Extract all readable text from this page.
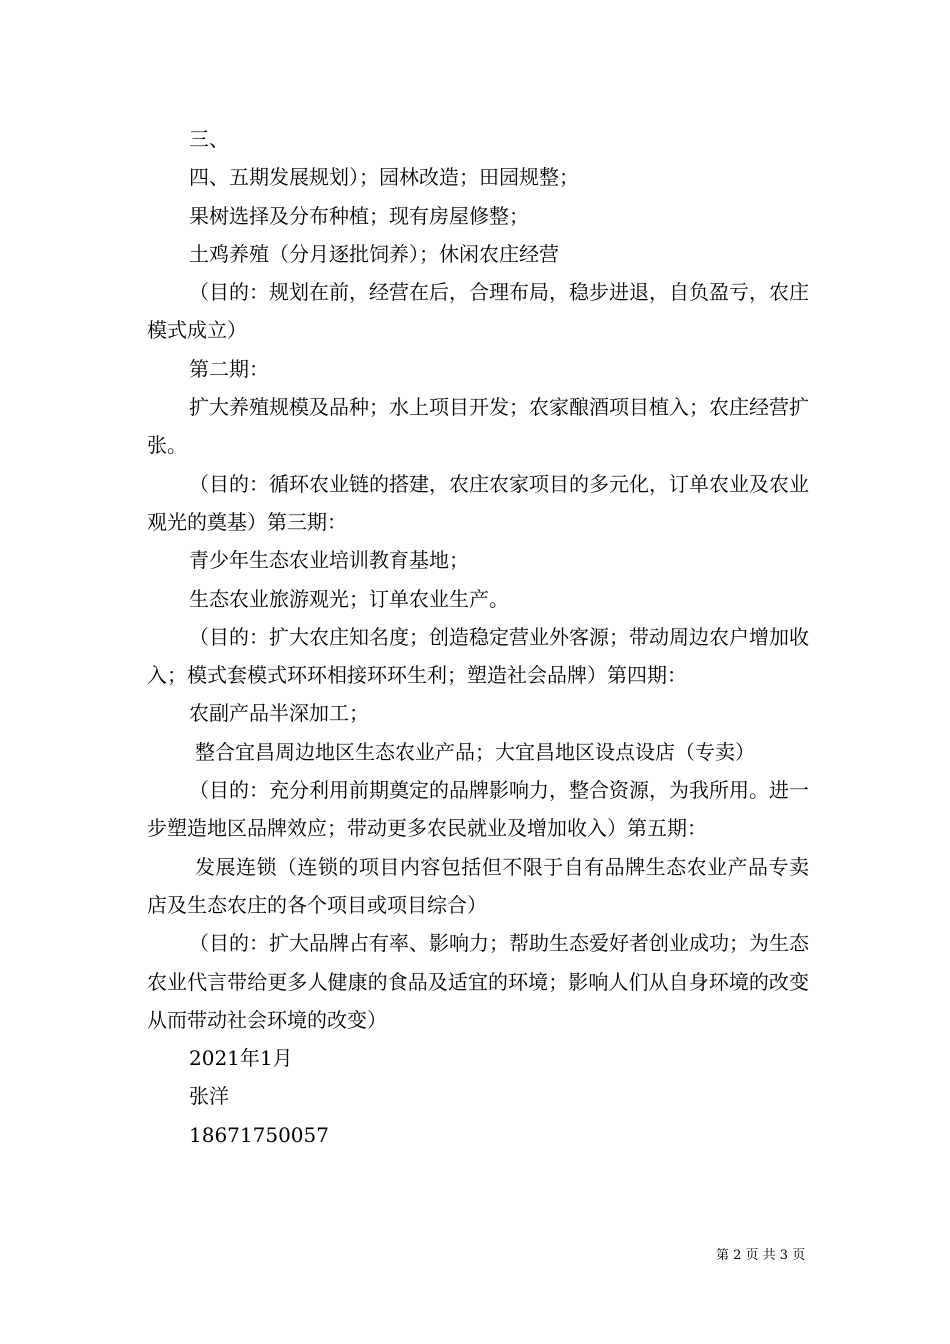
三、

四、五期发展规划）；园林改造；田园规整；

果树选择及分布种植；现有房屋修整；

土鸡养殖（分月逐批饲养）；休闲农庄经营

（目的：规划在前，经营在后，合理布局，稳步进退，自负盈亏，农庄模式成立）

第二期：

扩大养殖规模及品种；水上项目开发；农家酿酒项目植入；农庄经营扩张。

（目的：循环农业链的搭建，农庄农家项目的多元化，订单农业及农业观光的奠基）第三期：

青少年生态农业培训教育基地；

生态农业旅游观光；订单农业生产。

（目的：扩大农庄知名度；创造稳定营业外客源；带动周边农户增加收入；模式套模式环环相接环环生利；塑造社会品牌）第四期：

农副产品半深加工；

整合宜昌周边地区生态农业产品；大宜昌地区设点设店（专卖）

（目的：充分利用前期奠定的品牌影响力，整合资源，为我所用。进一步塑造地区品牌效应；带动更多农民就业及增加收入）第五期：

发展连锁（连锁的项目内容包括但不限于自有品牌生态农业产品专卖店及生态农庄的各个项目或项目综合）

（目的：扩大品牌占有率、影响力；帮助生态爱好者创业成功；为生态农业代言带给更多人健康的食品及适宜的环境；影响人们从自身环境的改变从而带动社会环境的改变）

2021年1月

张洋

18671750057

第 2 页 共 3 页
